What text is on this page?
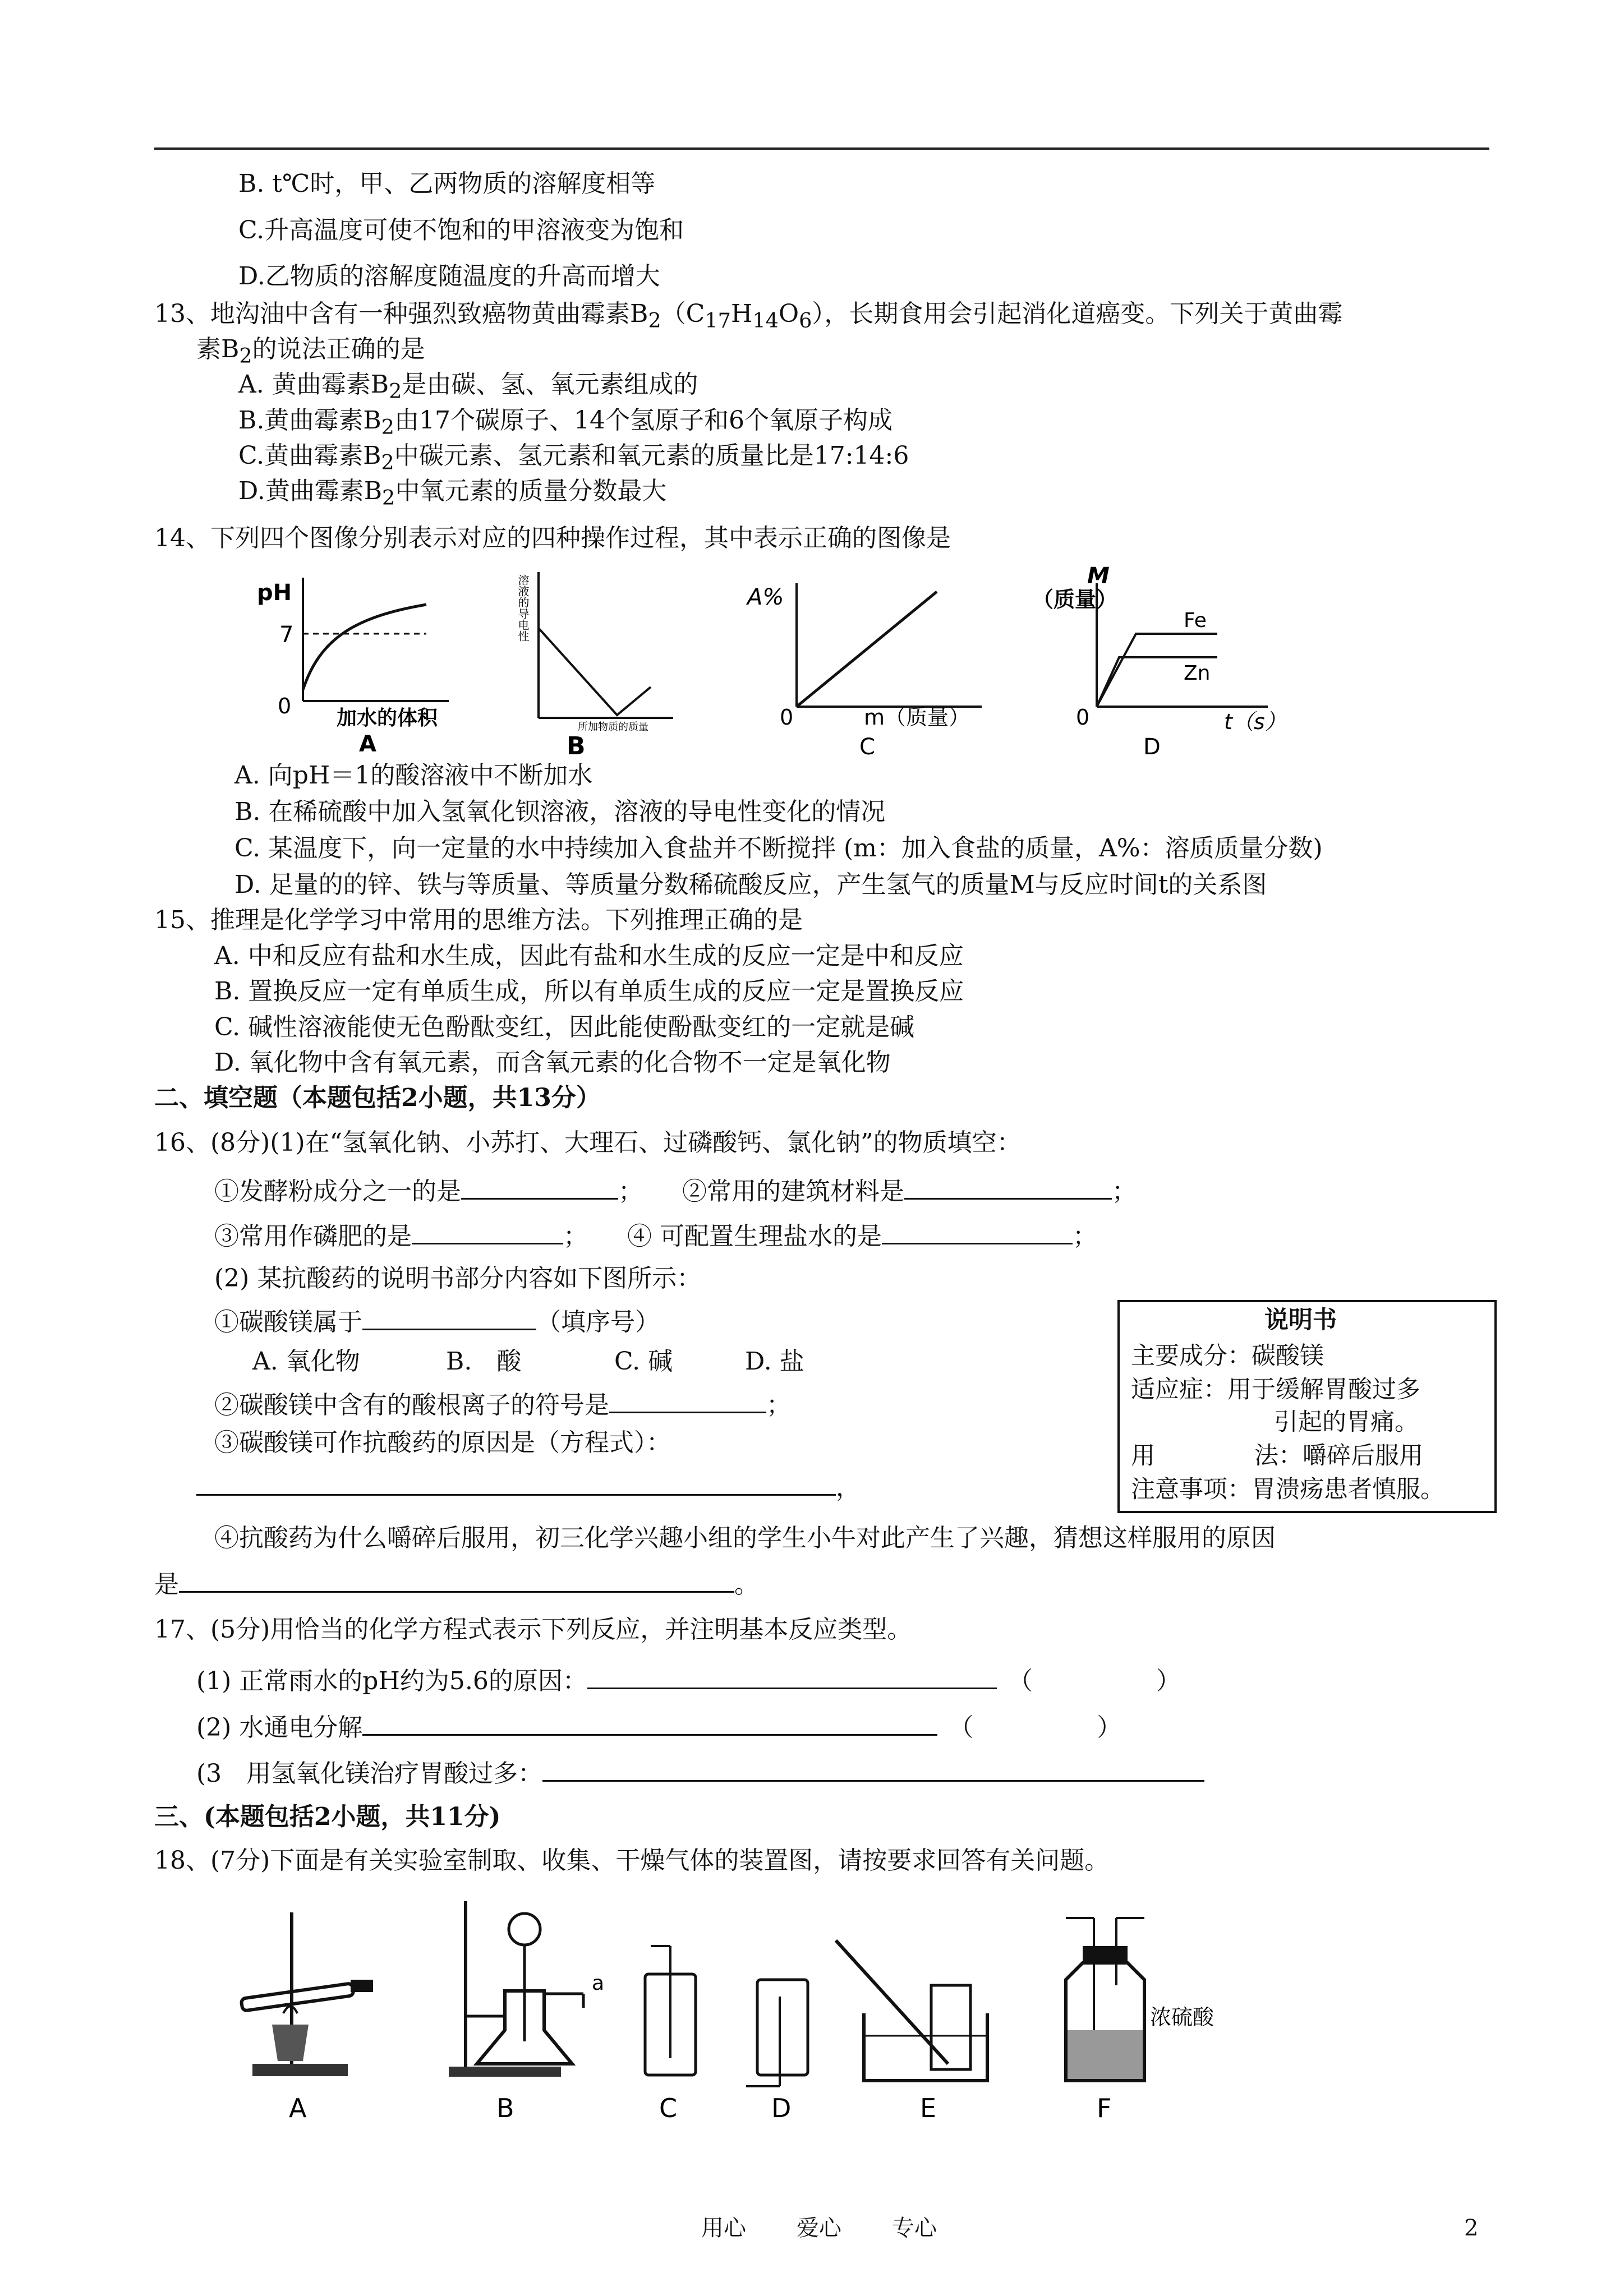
B. t℃时，甲、乙两物质的溶解度相等
C.升高温度可使不饱和的甲溶液变为饱和
D.乙物质的溶解度随温度的升高而增大
13、地沟油中含有一种强烈致癌物黄曲霉素$B_2(C_{17}H_{14}O_6)$，长期食用会引起消化道癌变。下列关于黄曲霉
素$B_2$的说法正确的是
A. 黄曲霉素$B_2$是由碳、氢、氧元素组成的
B.黄曲霉素$B_2$由17个碳原子、14个氢原子和6个氧原子构成
C.黄曲霉素$B_2$中碳元素、氢元素和氧元素的质量比是17:14:6
D.黄曲霉素$B_2$中氧元素的质量分数最大
14、下列四个图像分别表示对应的四种操作过程，其中表示正确的图像是
pH
7
0 加水的体积
A
溶液的导电性
所加物质的质量
B
A%
0	m（质量）
C
M
（质量）
Fe
Zn
0	t（s）
D
A. 向pH＝1的酸溶液中不断加水
B. 在稀硫酸中加入氢氧化钡溶液，溶液的导电性变化的情况
C. 某温度下，向一定量的水中持续加入食盐并不断搅拌 (m：加入食盐的质量，A%：溶质质量分数)
D. 足量的的锌、铁与等质量、等质量分数稀硫酸反应，产生氢气的质量M与反应时间t的关系图
15、推理是化学学习中常用的思维方法。下列推理正确的是
A. 中和反应有盐和水生成，因此有盐和水生成的反应一定是中和反应
B. 置换反应一定有单质生成，所以有单质生成的反应一定是置换反应
C. 碱性溶液能使无色酚酞变红，因此能使酚酞变红的一定就是碱
D. 氧化物中含有氧元素，而含氧元素的化合物不一定是氧化物
二、填空题（本题包括2小题，共13分）
16、(8分)(1)在“氢氧化钠、小苏打、大理石、过磷酸钙、氯化钠”的物质填空：
①发酵粉成分之一的是	； ②常用的建筑材料是	；
③常用作磷肥的是	； ④ 可配置生理盐水的是	；
(2) 某抗酸药的说明书部分内容如下图所示：
①碳酸镁属于	（填序号）
A. 氧化物	B.　酸	C. 碱	D. 盐
②碳酸镁中含有的酸根离子的符号是	；
③碳酸镁可作抗酸药的原因是（方程式）：
，
④抗酸药为什么嚼碎后服用，初三化学兴趣小组的学生小牛对此产生了兴趣，猜想这样服用的原因
是	。
说明书
主要成分：碳酸镁
适应症：用于缓解胃酸过多
引起的胃痛。
用	法：嚼碎后服用
注意事项：胃溃疡患者慎服。
17、(5分)用恰当的化学方程式表示下列反应，并注明基本反应类型。
(1) 正常雨水的pH约为5.6的原因：	（	）
(2) 水通电分解	（	）
(3　用氢氧化镁治疗胃酸过多：
三、(本题包括2小题，共11分)
18、(7分)下面是有关实验室制取、收集、干燥气体的装置图，请按要求回答有关问题。
A
a
B	C	D	E
浓硫酸
F
用心 爱心 专心	2
